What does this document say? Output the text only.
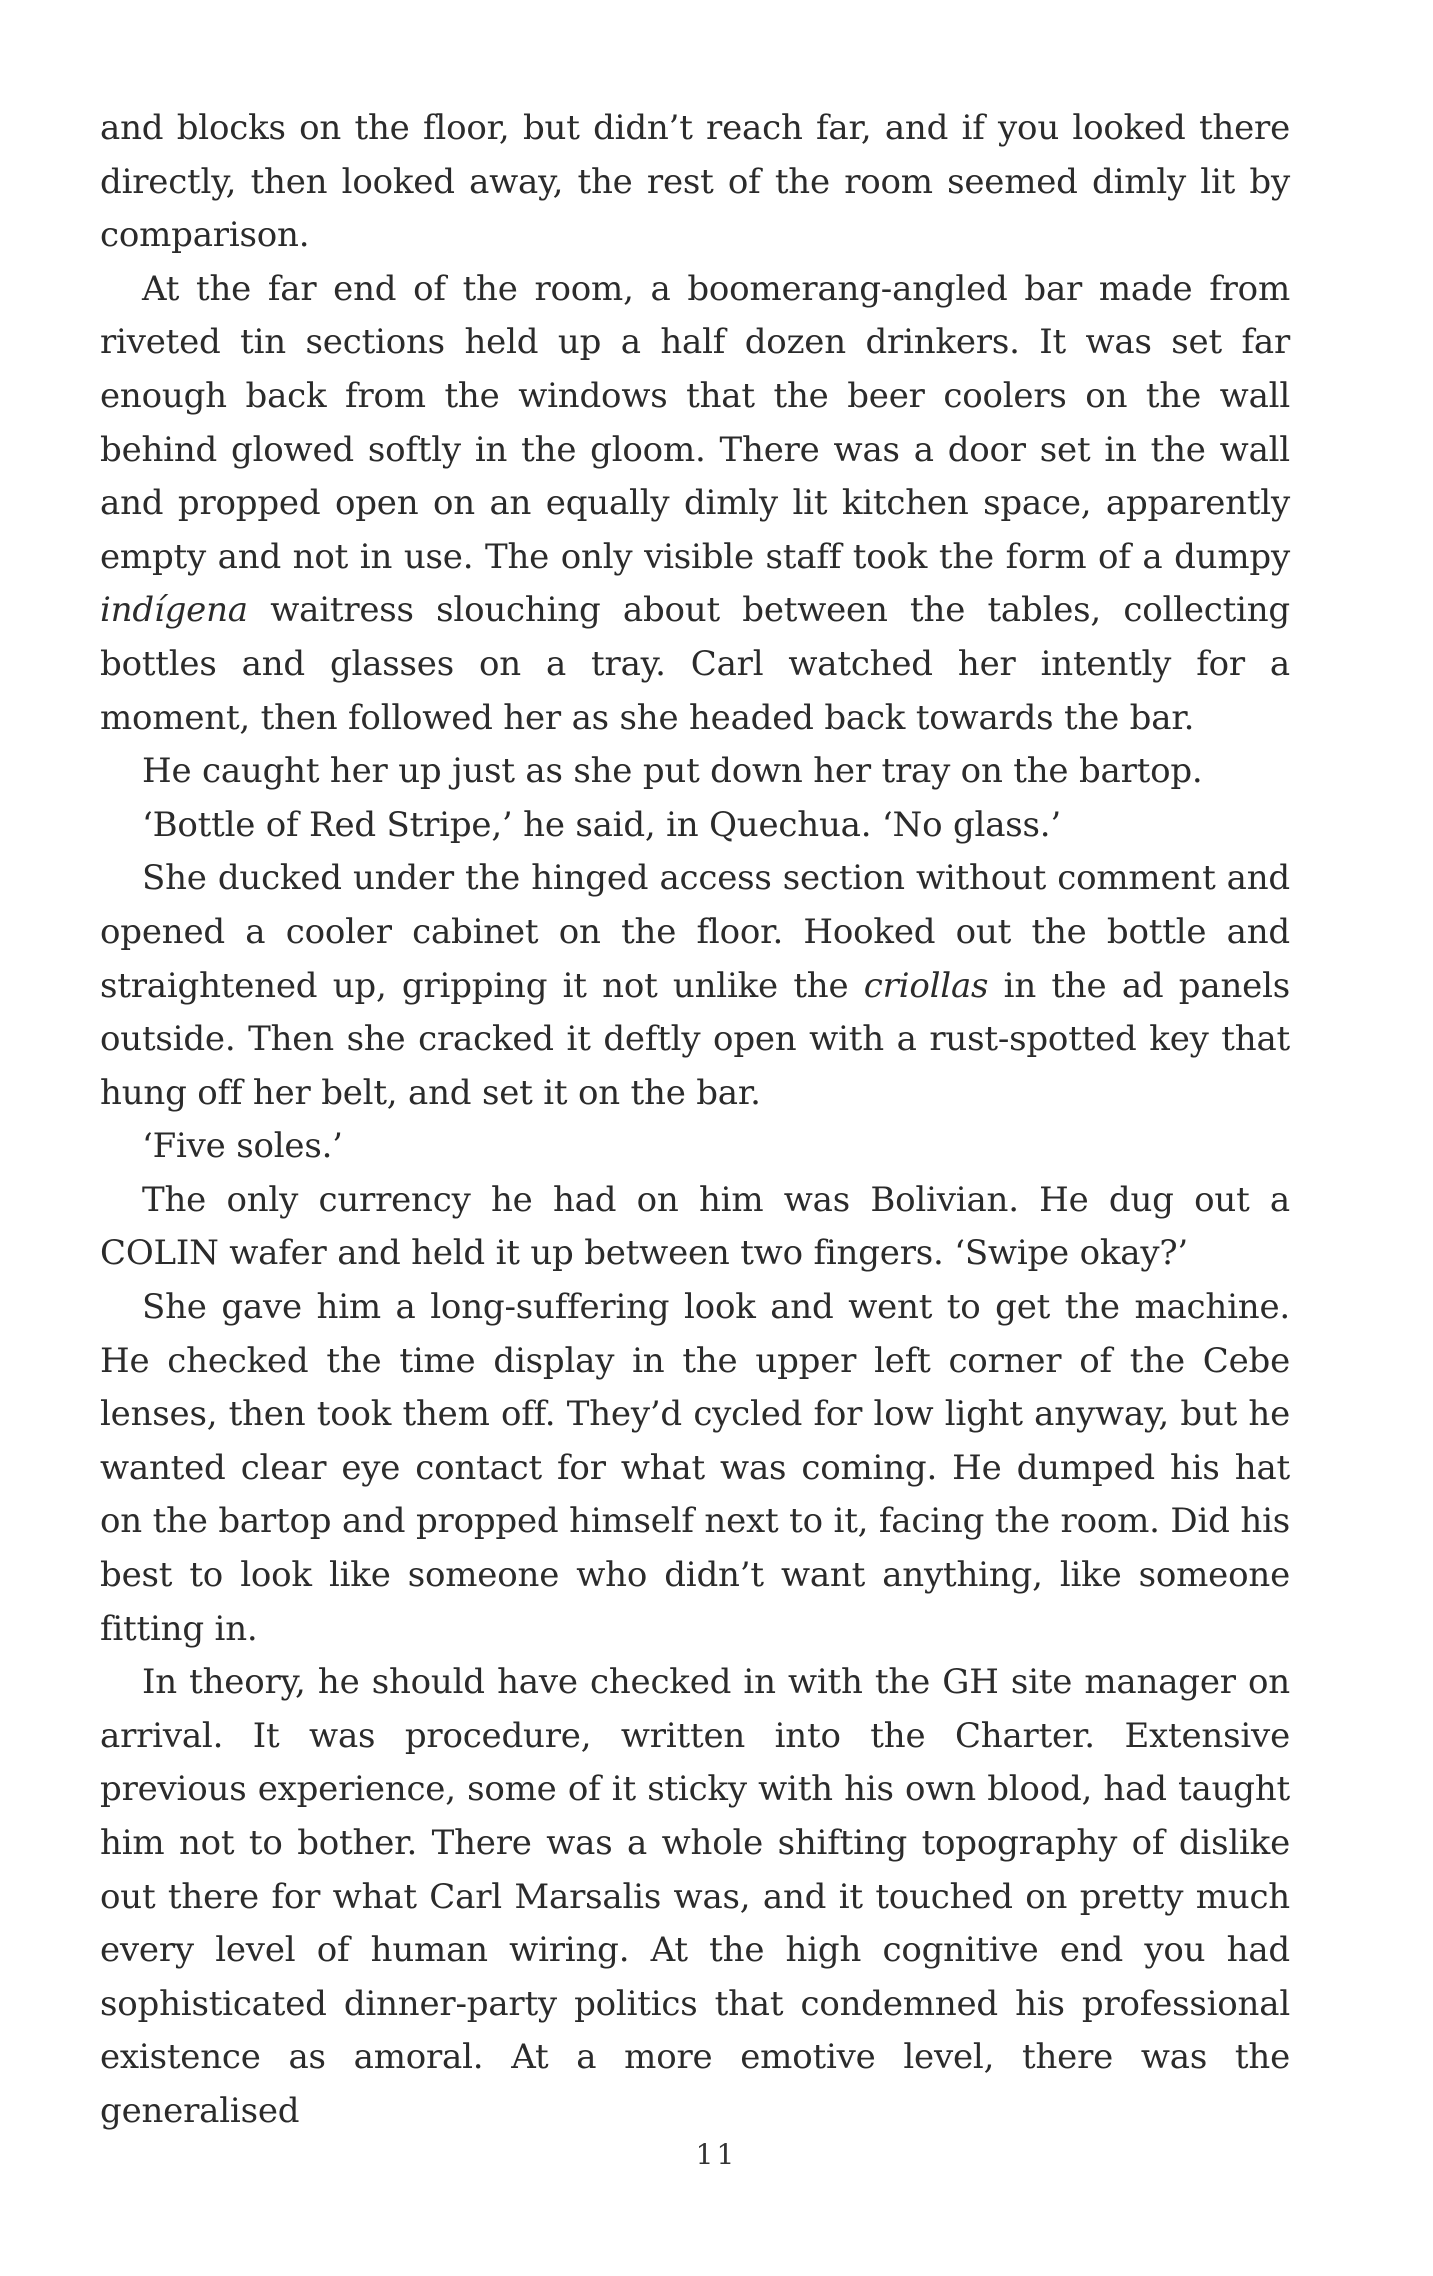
and blocks on the floor, but didn’t reach far, and if you looked there directly, then looked away, the rest of the room seemed dimly lit by comparison.

At the far end of the room, a boomerang-angled bar made from riveted tin sections held up a half dozen drinkers. It was set far enough back from the windows that the beer coolers on the wall behind glowed softly in the gloom. There was a door set in the wall and propped open on an equally dimly lit kitchen space, apparently empty and not in use. The only visible staff took the form of a dumpy indígena waitress slouching about between the tables, collecting bottles and glasses on a tray. Carl watched her intently for a moment, then followed her as she headed back towards the bar.

He caught her up just as she put down her tray on the bartop.

‘Bottle of Red Stripe,’ he said, in Quechua. ‘No glass.’

She ducked under the hinged access section without comment and opened a cooler cabinet on the floor. Hooked out the bottle and straightened up, gripping it not unlike the criollas in the ad panels outside. Then she cracked it deftly open with a rust-spotted key that hung off her belt, and set it on the bar.

‘Five soles.’

The only currency he had on him was Bolivian. He dug out a COLIN wafer and held it up between two fingers. ‘Swipe okay?’

She gave him a long-suffering look and went to get the machine. He checked the time display in the upper left corner of the Cebe lenses, then took them off. They’d cycled for low light anyway, but he wanted clear eye contact for what was coming. He dumped his hat on the bartop and propped himself next to it, facing the room. Did his best to look like someone who didn’t want anything, like someone fitting in.

In theory, he should have checked in with the GH site manager on arrival. It was procedure, written into the Charter. Extensive previous experience, some of it sticky with his own blood, had taught him not to bother. There was a whole shifting topography of dislike out there for what Carl Marsalis was, and it touched on pretty much every level of human wiring. At the high cognitive end you had sophisticated dinner-party politics that condemned his professional existence as amoral. At a more emotive level, there was the generalised

11
